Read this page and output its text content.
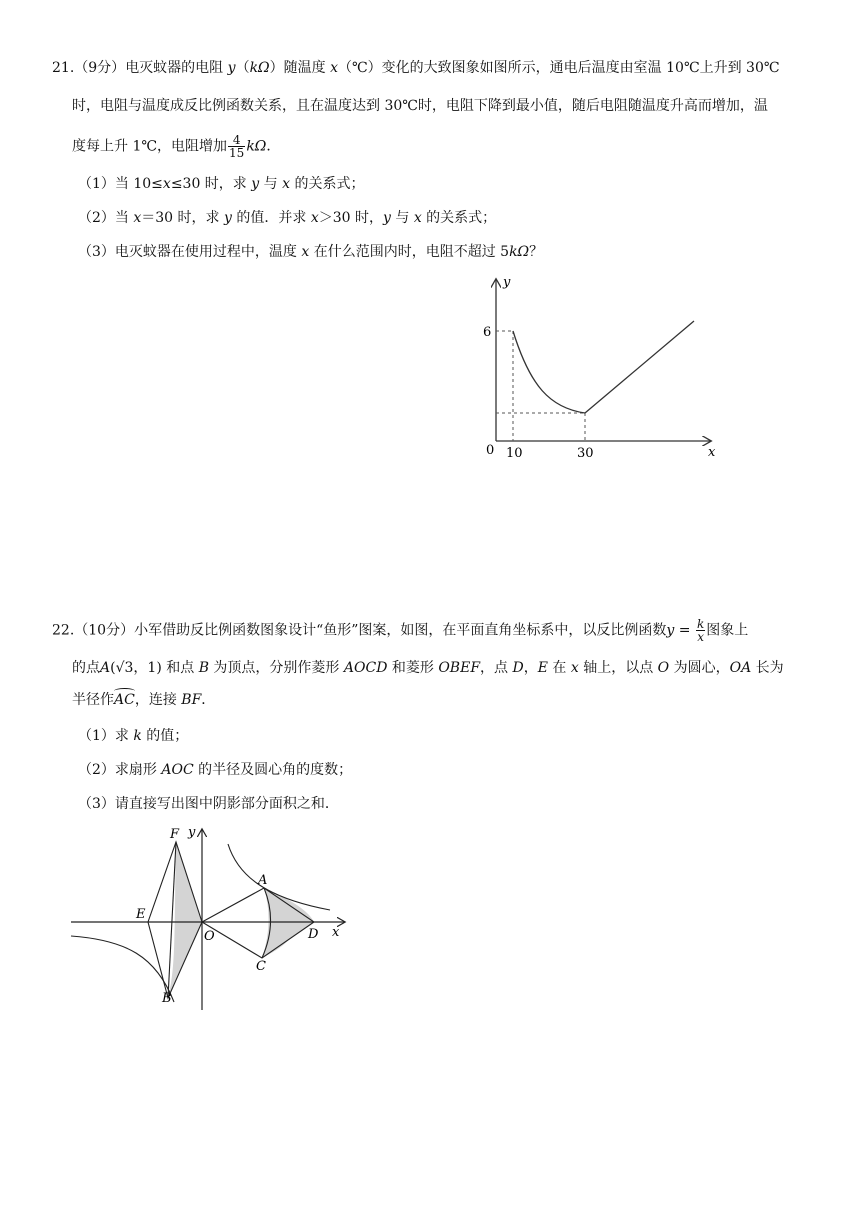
21.（9分）电灭蚊器的电阻 y（kΩ）随温度 x（℃）变化的大致图象如图所示，通电后温度由室温 10℃上升到 30℃
时，电阻与温度成反比例函数关系，且在温度达到 30℃时，电阻下降到最小值，随后电阻随温度升高而增加，温
度每上升 1℃，电阻增加 $\frac{4}{15}$ kΩ．
（1）当 10≤x≤30 时，求 y 与 x 的关系式；
（2）当 x＝30 时，求 y 的值．并求 x＞30 时，y 与 x 的关系式；
（3）电灭蚊器在使用过程中，温度 x 在什么范围内时，电阻不超过 5kΩ？
y
x
0
6
10	30
22.（10分）小军借助反比例函数图象设计“鱼形”图案，如图，在平面直角坐标系中，以反比例函数$y = \frac{k}{x}$ 图象上
的点A(√3，1) 和点 B 为顶点，分别作菱形 AOCD 和菱形 OBEF，点 D，E 在 x 轴上，以点 O 为圆心，OA 长为
半径作AC，连接 BF．
（1）求 k 的值；
（2）求扇形 AOC 的半径及圆心角的度数；
（3）请直接写出图中阴影部分面积之和．
y
x
F
E
O
B
A
C
D
